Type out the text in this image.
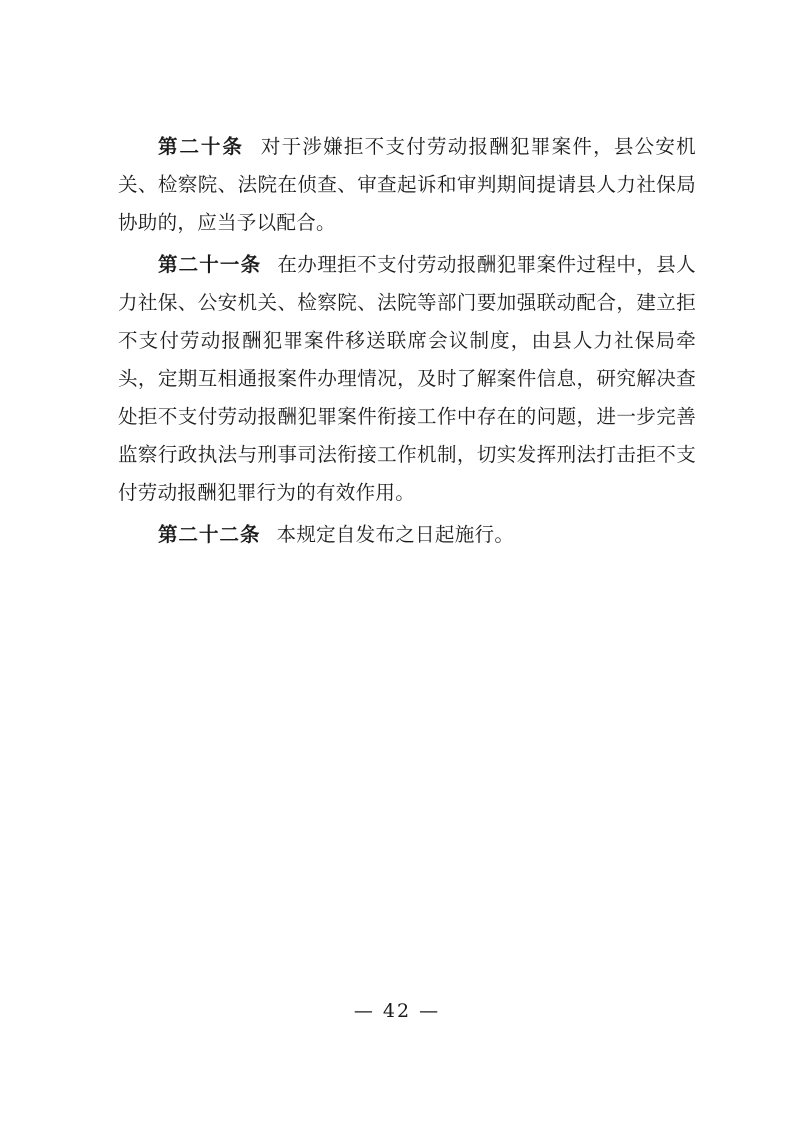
第二十条 对于涉嫌拒不支付劳动报酬犯罪案件，县公安机关、检察院、法院在侦查、审查起诉和审判期间提请县人力社保局协助的，应当予以配合。

第二十一条 在办理拒不支付劳动报酬犯罪案件过程中，县人力社保、公安机关、检察院、法院等部门要加强联动配合，建立拒不支付劳动报酬犯罪案件移送联席会议制度，由县人力社保局牵头，定期互相通报案件办理情况，及时了解案件信息，研究解决查处拒不支付劳动报酬犯罪案件衔接工作中存在的问题，进一步完善监察行政执法与刑事司法衔接工作机制，切实发挥刑法打击拒不支付劳动报酬犯罪行为的有效作用。

第二十二条 本规定自发布之日起施行。

— 42 —
